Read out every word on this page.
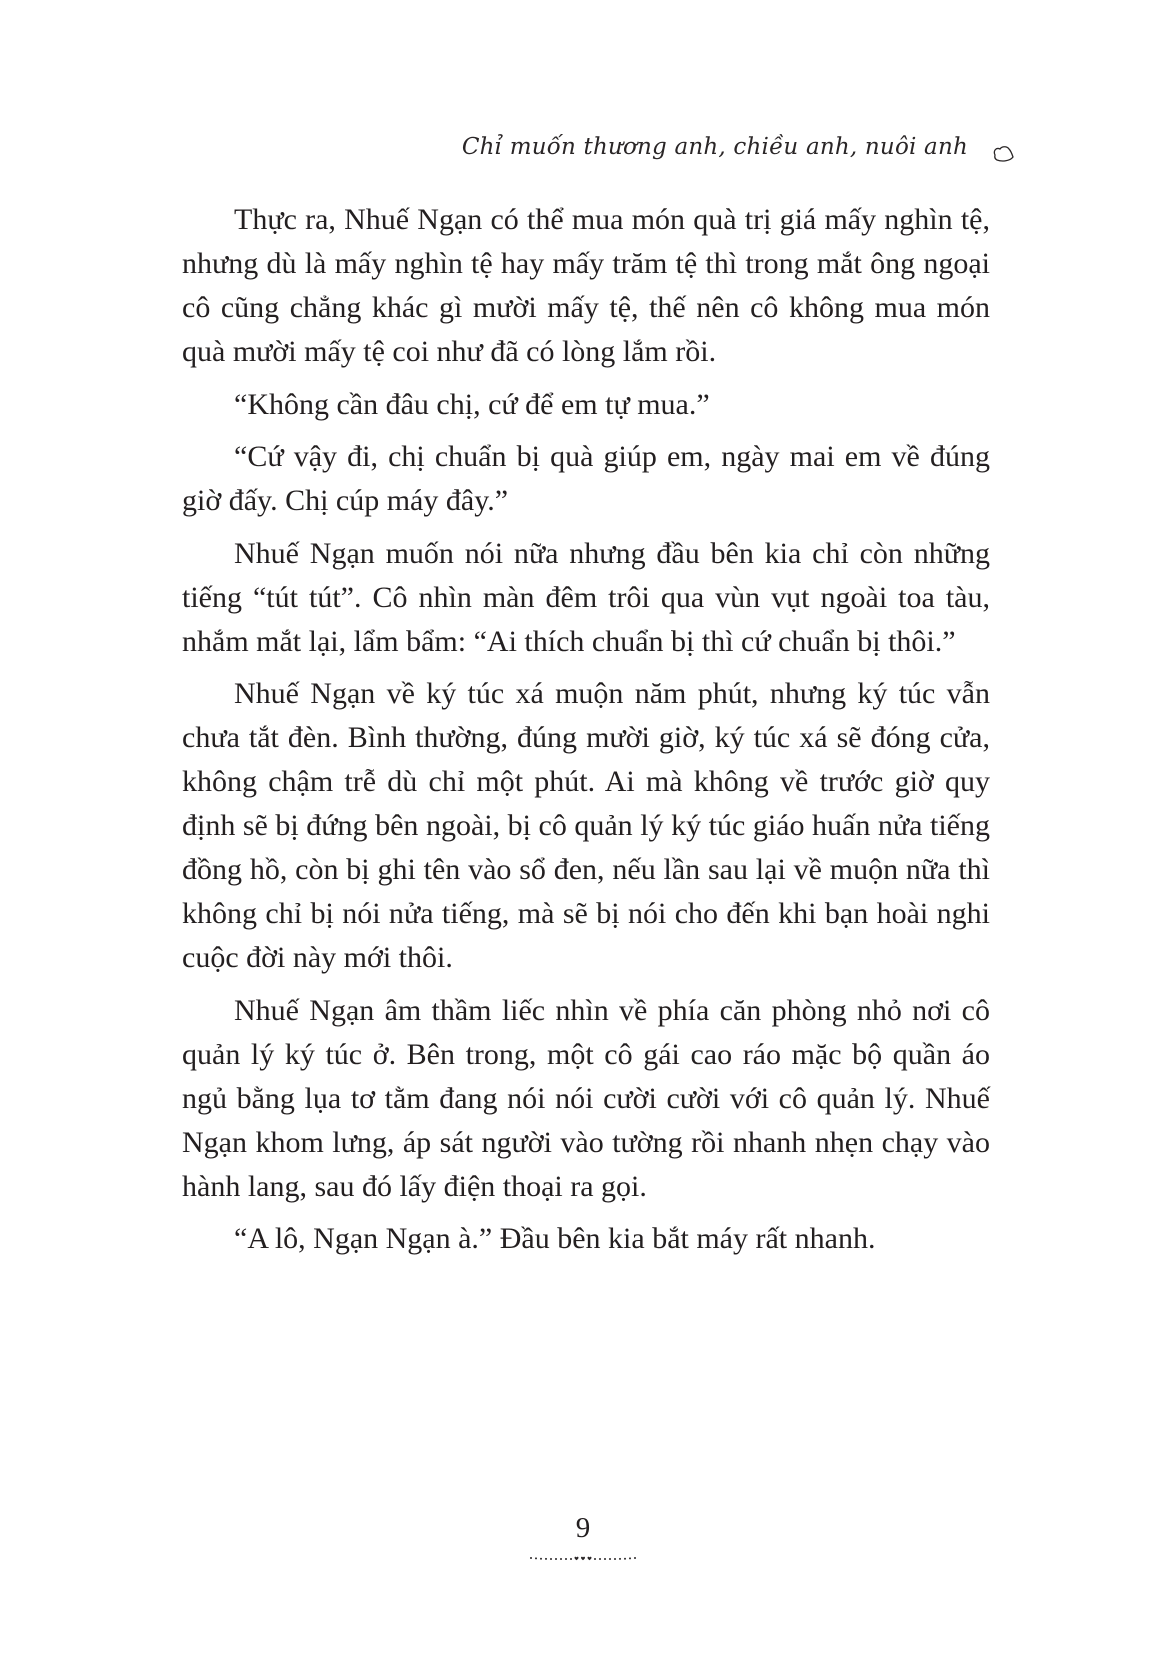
Chỉ muốn thương anh, chiều anh, nuôi anh

Thực ra, Nhuế Ngạn có thể mua món quà trị giá mấy nghìn tệ, nhưng dù là mấy nghìn tệ hay mấy trăm tệ thì trong mắt ông ngoại cô cũng chẳng khác gì mười mấy tệ, thế nên cô không mua món quà mười mấy tệ coi như đã có lòng lắm rồi.

“Không cần đâu chị, cứ để em tự mua.”

“Cứ vậy đi, chị chuẩn bị quà giúp em, ngày mai em về đúng giờ đấy. Chị cúp máy đây.”

Nhuế Ngạn muốn nói nữa nhưng đầu bên kia chỉ còn những tiếng “tút tút”. Cô nhìn màn đêm trôi qua vùn vụt ngoài toa tàu, nhắm mắt lại, lẩm bẩm: “Ai thích chuẩn bị thì cứ chuẩn bị thôi.”

Nhuế Ngạn về ký túc xá muộn năm phút, nhưng ký túc vẫn chưa tắt đèn. Bình thường, đúng mười giờ, ký túc xá sẽ đóng cửa, không chậm trễ dù chỉ một phút. Ai mà không về trước giờ quy định sẽ bị đứng bên ngoài, bị cô quản lý ký túc giáo huấn nửa tiếng đồng hồ, còn bị ghi tên vào sổ đen, nếu lần sau lại về muộn nữa thì không chỉ bị nói nửa tiếng, mà sẽ bị nói cho đến khi bạn hoài nghi cuộc đời này mới thôi.

Nhuế Ngạn âm thầm liếc nhìn về phía căn phòng nhỏ nơi cô quản lý ký túc ở. Bên trong, một cô gái cao ráo mặc bộ quần áo ngủ bằng lụa tơ tằm đang nói nói cười cười với cô quản lý. Nhuế Ngạn khom lưng, áp sát người vào tường rồi nhanh nhẹn chạy vào hành lang, sau đó lấy điện thoại ra gọi.

“A lô, Ngạn Ngạn à.” Đầu bên kia bắt máy rất nhanh.

9
